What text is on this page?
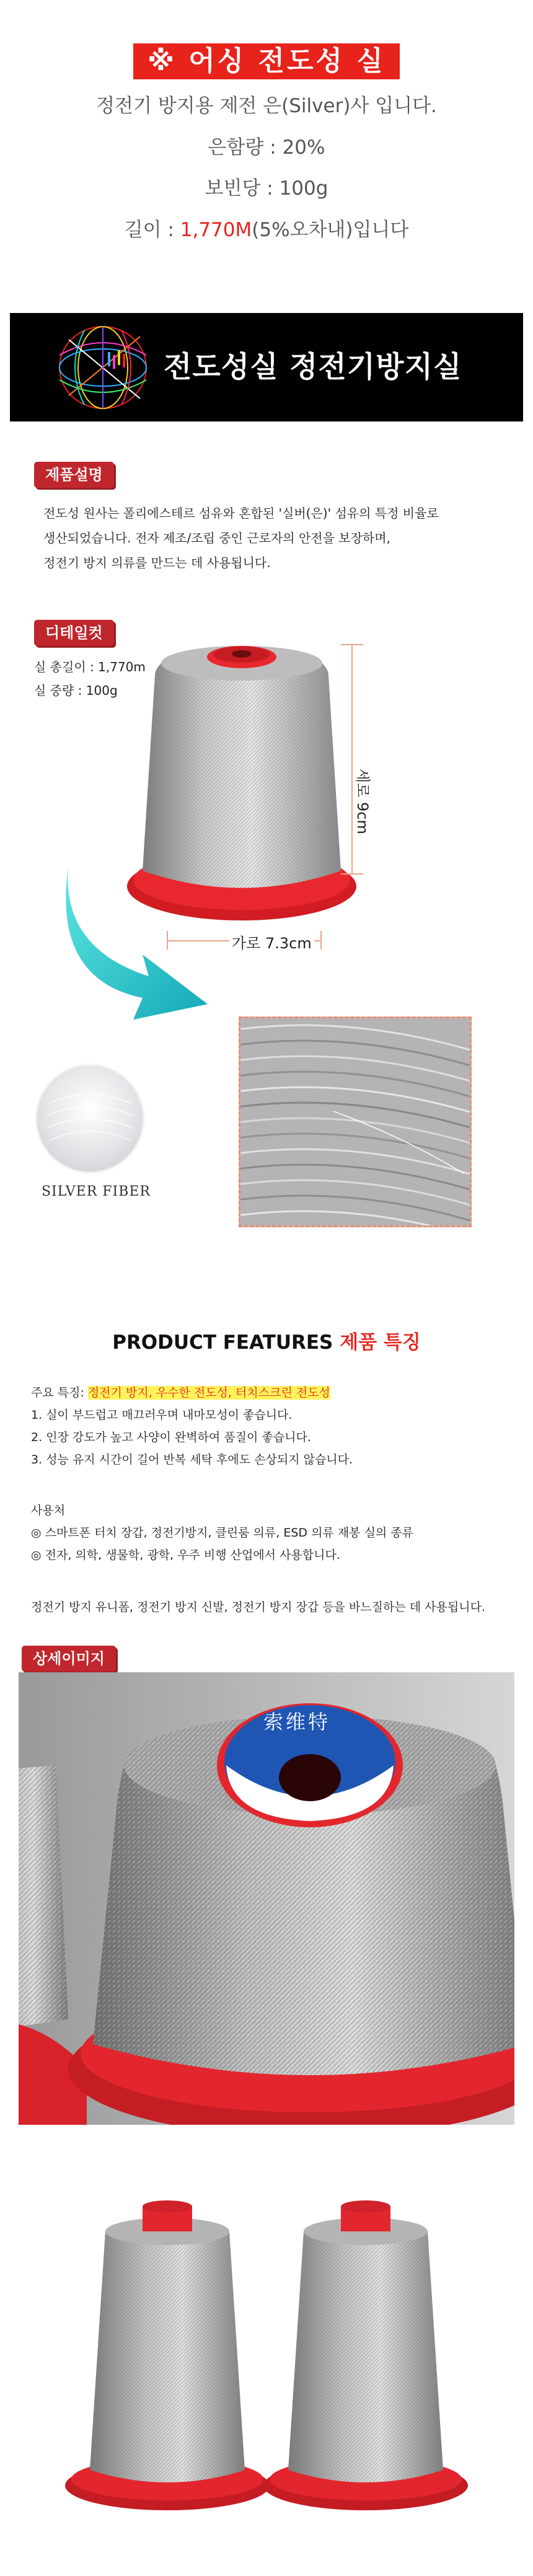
※ 어싱 전도성 실
정전기 방지용 제전 은(Silver)사 입니다.
은함량 : 20%
보빈당 : 100g
길이 : 1,770M(5%오차내)입니다
전도성실 정전기방지실
제품설명
전도성 원사는 폴리에스테르 섬유와 혼합된 '실버(은)' 섬유의 특정 비율로
생산되었습니다. 전자 제조/조립 중인 근로자의 안전을 보장하며,
정전기 방지 의류를 만드는 데 사용됩니다.
디테일컷
실 총길이 : 1,770m
실 중량 : 100g
세로 9cm
가로 7.3cm
SILVER FIBER
PRODUCT FEATURES 제품 특징
주요 특징: 정전기 방지, 우수한 전도성, 터치스크린 전도성
1. 실이 부드럽고 매끄러우며 내마모성이 좋습니다.
2. 인장 강도가 높고 사양이 완벽하여 품질이 좋습니다.
3. 성능 유지 시간이 길어 반복 세탁 후에도 손상되지 않습니다.
사용처
◎ 스마트폰 터치 장갑, 정전기방지, 클린룸 의류, ESD 의류 재봉 실의 종류
◎ 전자, 의학, 생물학, 광학, 우주 비행 산업에서 사용합니다.
정전기 방지 유니폼, 정전기 방지 신발, 정전기 방지 장갑 등을 바느질하는 데 사용됩니다.
상세이미지
索维特
